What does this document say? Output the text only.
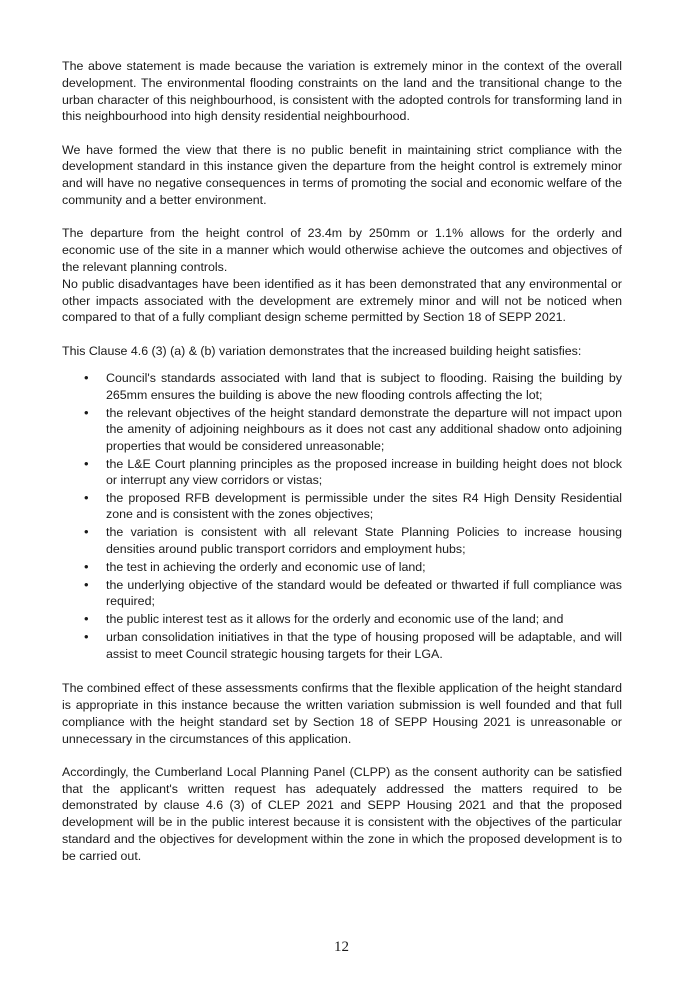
The above statement is made because the variation is extremely minor in the context of the overall development. The environmental flooding constraints on the land and the transitional change to the urban character of this neighbourhood, is consistent with the adopted controls for transforming land in this neighbourhood into high density residential neighbourhood.

We have formed the view that there is no public benefit in maintaining strict compliance with the development standard in this instance given the departure from the height control is extremely minor and will have no negative consequences in terms of promoting the social and economic welfare of the community and a better environment.

The departure from the height control of 23.4m by 250mm or 1.1% allows for the orderly and economic use of the site in a manner which would otherwise achieve the outcomes and objectives of the relevant planning controls.

No public disadvantages have been identified as it has been demonstrated that any environmental or other impacts associated with the development are extremely minor and will not be noticed when compared to that of a fully compliant design scheme permitted by Section 18 of SEPP 2021.

This Clause 4.6 (3) (a) & (b) variation demonstrates that the increased building height satisfies:

• Council's standards associated with land that is subject to flooding. Raising the building by 265mm ensures the building is above the new flooding controls affecting the lot;
• the relevant objectives of the height standard demonstrate the departure will not impact upon the amenity of adjoining neighbours as it does not cast any additional shadow onto adjoining properties that would be considered unreasonable;
• the L&E Court planning principles as the proposed increase in building height does not block or interrupt any view corridors or vistas;
• the proposed RFB development is permissible under the sites R4 High Density Residential zone and is consistent with the zones objectives;
• the variation is consistent with all relevant State Planning Policies to increase housing densities around public transport corridors and employment hubs;
• the test in achieving the orderly and economic use of land;
• the underlying objective of the standard would be defeated or thwarted if full compliance was required;
• the public interest test as it allows for the orderly and economic use of the land; and
• urban consolidation initiatives in that the type of housing proposed will be adaptable, and will assist to meet Council strategic housing targets for their LGA.

The combined effect of these assessments confirms that the flexible application of the height standard is appropriate in this instance because the written variation submission is well founded and that full compliance with the height standard set by Section 18 of SEPP Housing 2021 is unreasonable or unnecessary in the circumstances of this application.

Accordingly, the Cumberland Local Planning Panel (CLPP) as the consent authority can be satisfied that the applicant's written request has adequately addressed the matters required to be demonstrated by clause 4.6 (3) of CLEP 2021 and SEPP Housing 2021 and that the proposed development will be in the public interest because it is consistent with the objectives of the particular standard and the objectives for development within the zone in which the proposed development is to be carried out.

12
